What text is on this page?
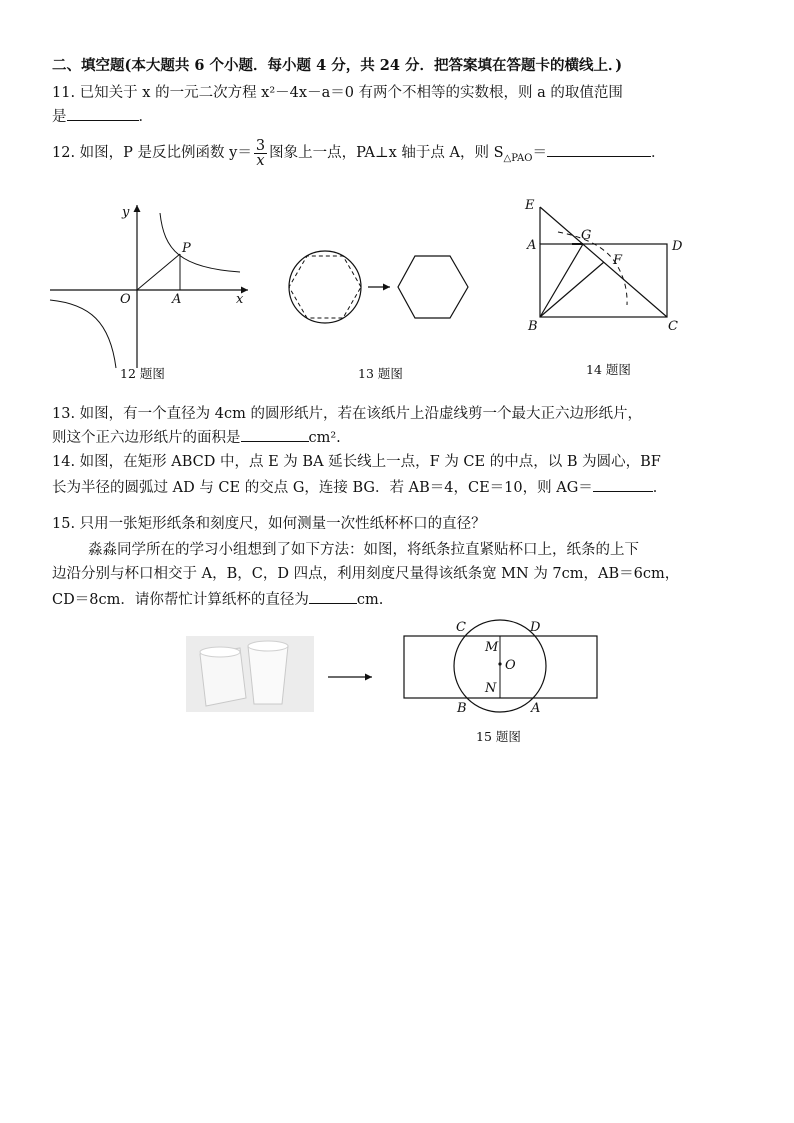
二、填空题(本大题共 6 个小题．每小题 4 分，共 24 分．把答案填在答题卡的横线上．)
11. 已知关于 x 的一元二次方程 x²－4x－a＝0 有两个不相等的实数根，则 a 的取值范围
是	．
12. 如图，P 是反比例函数 $y= \frac{3}{x}$ 图象上一点，PA⊥x 轴于点 A，则 $S_{\triangle PAO}=$	．
y
x
O
P
A
12 题图	13 题图
E
A
G
D
F
B	C
14 题图
13. 如图，有一个直径为 4cm 的圆形纸片，若在该纸片上沿虚线剪一个最大正六边形纸片，
则这个正六边形纸片的面积是	cm².
14. 如图，在矩形 ABCD 中，点 E 为 BA 延长线上一点，F 为 CE 的中点，以 B 为圆心，BF
长为半径的圆弧过 AD 与 CE 的交点 G，连接 BG．若 AB＝4，CE＝10，则 AG＝	．
15. 只用一张矩形纸条和刻度尺，如何测量一次性纸杯杯口的直径？
淼淼同学所在的学习小组想到了如下方法：如图，将纸条拉直紧贴杯口上，纸条的上下
边沿分别与杯口相交于 A，B，C，D 四点，利用刻度尺量得该纸条宽 MN 为 7cm，AB＝6cm，
CD＝8cm．请你帮忙计算纸杯的直径为	cm.
C	D
M
O
N
B	A
15 题图
